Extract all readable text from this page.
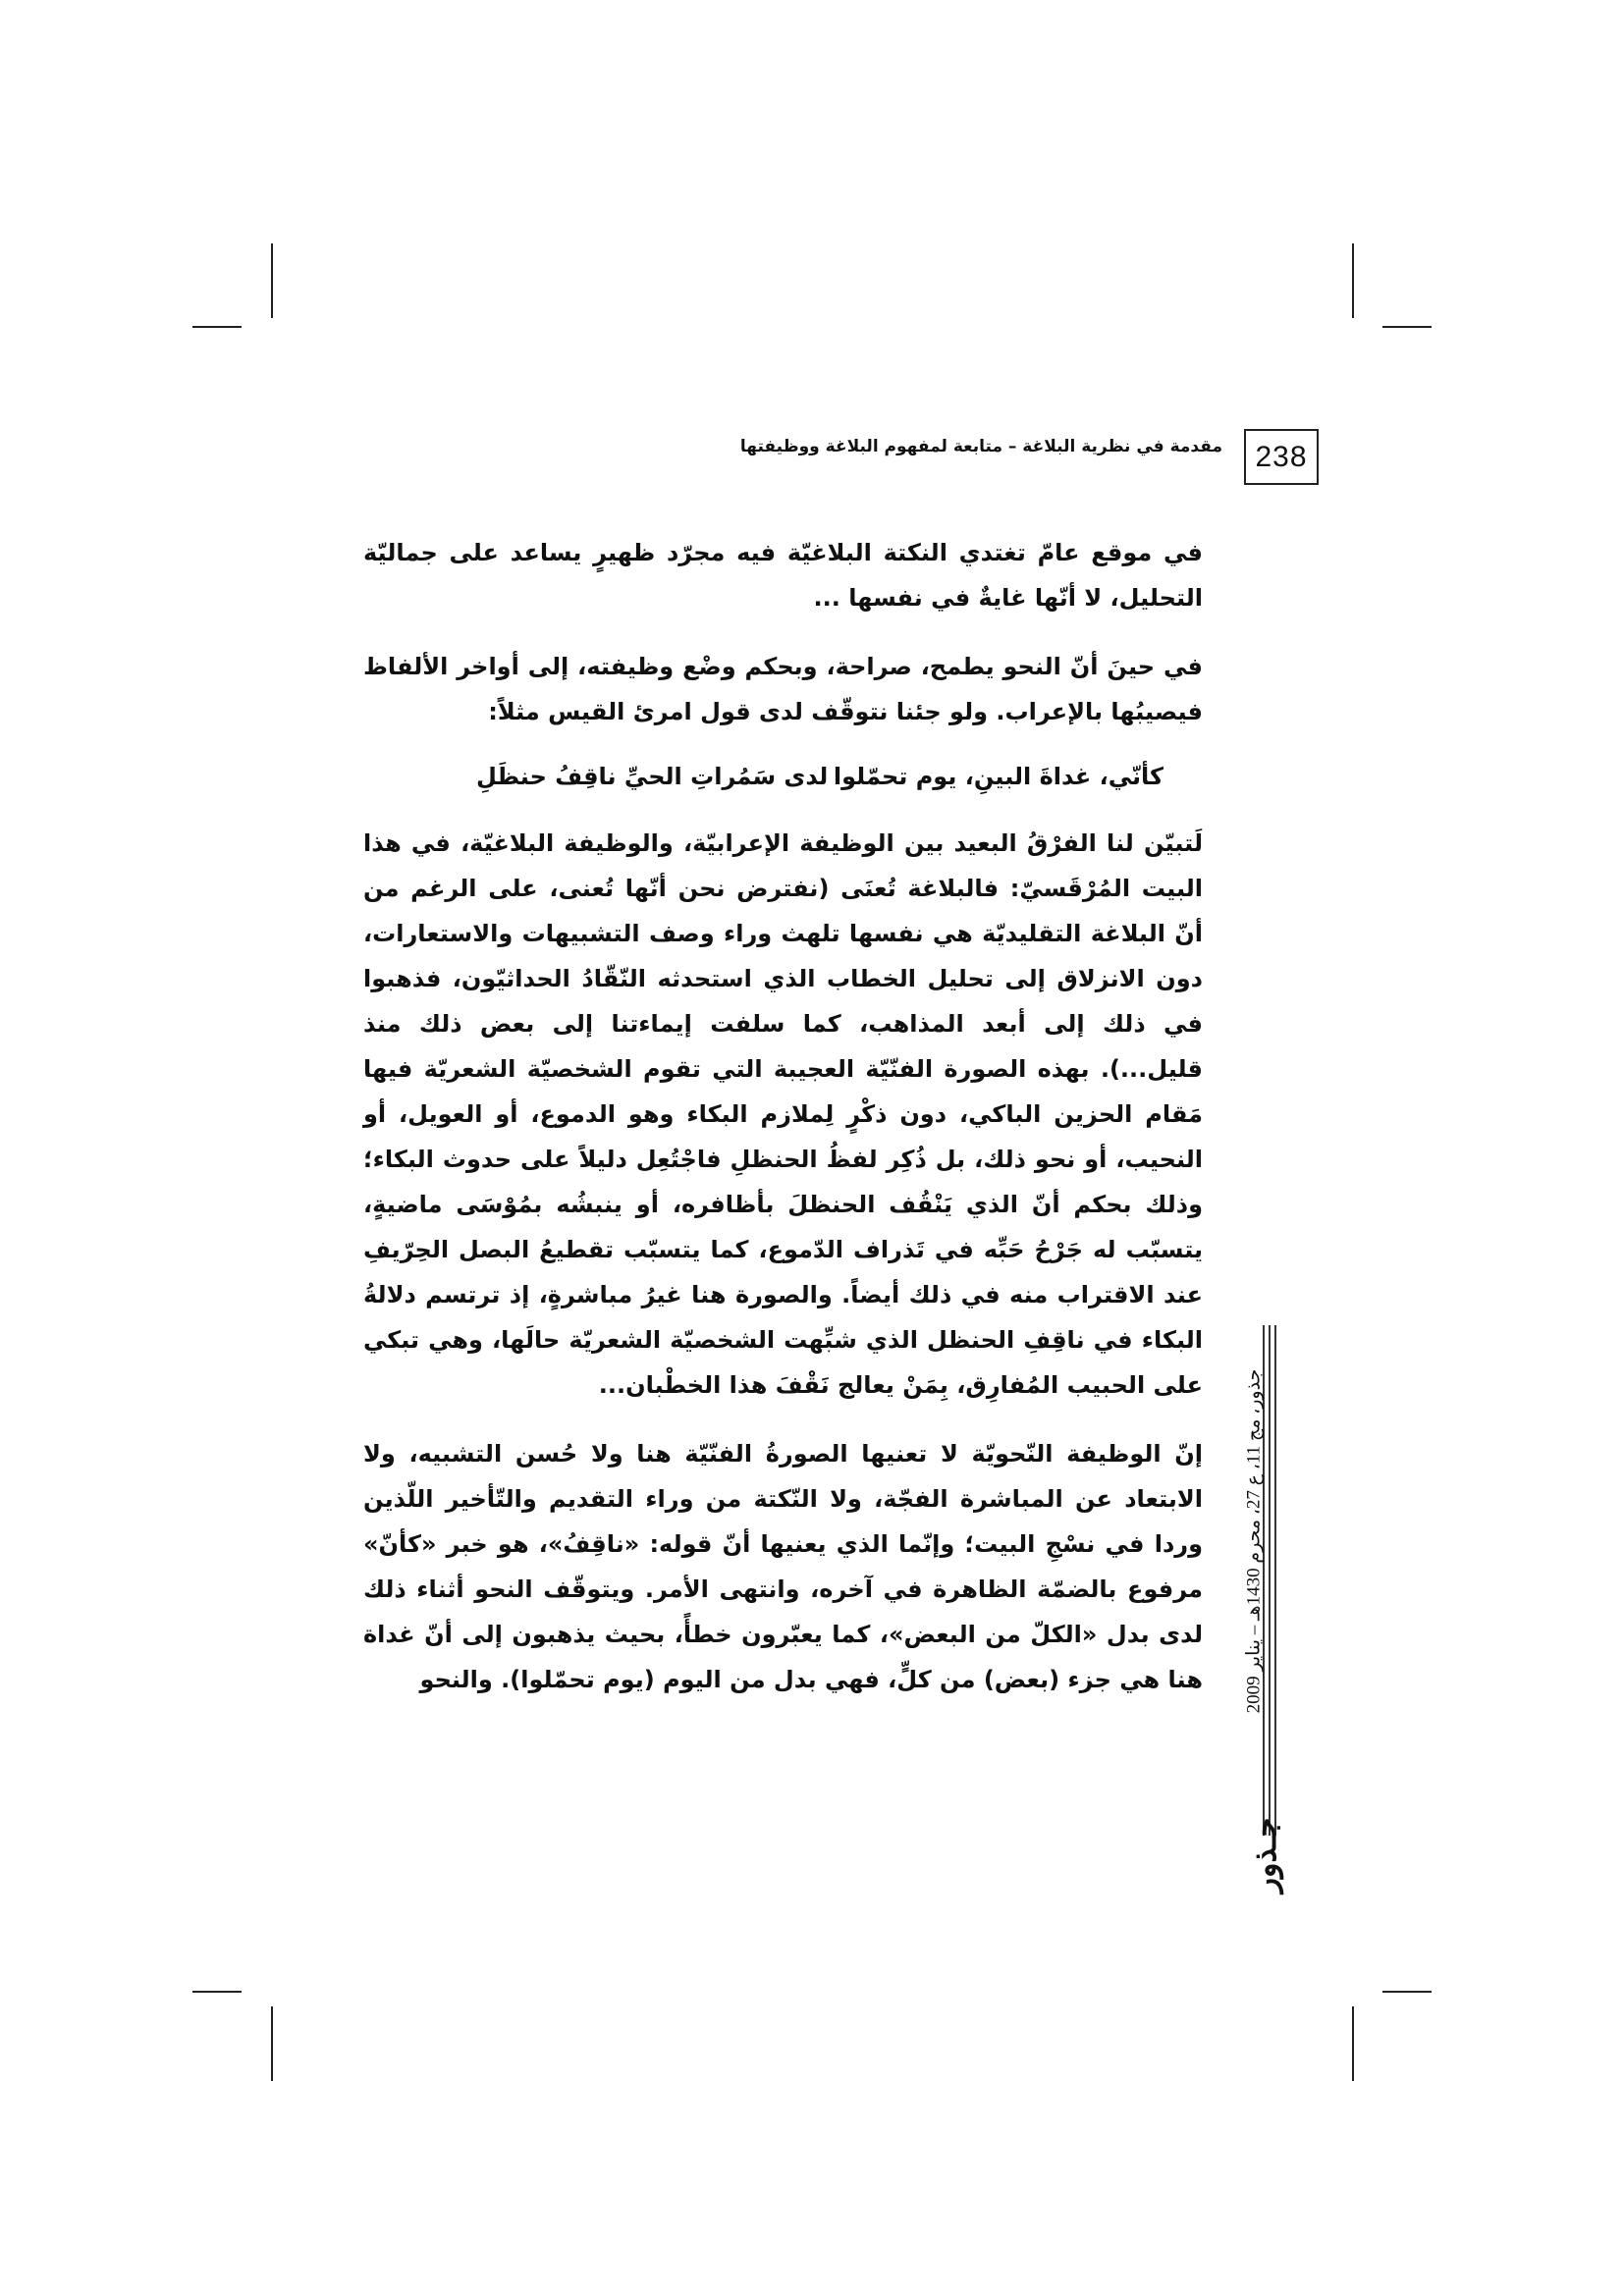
238
مقدمة في نظرية البلاغة – متابعة لمفهوم البلاغة ووظيفتها

في موقع عامّ تغتدي النكتة البلاغيّة فيه مجرّد ظهيرٍ يساعد على جماليّة التحليل، لا أنّها غايةٌ في نفسها ...

في حينَ أنّ النحو يطمح، صراحة، وبحكم وضْع وظيفته، إلى أواخر الألفاظ فيصيبُها بالإعراب. ولو جئنا نتوقّف لدى قول امرئ القيس مثلاً:

كأنّي، غداةَ البينِ، يوم تحمّلوا
لدى سَمُراتِ الحيِّ ناقِفُ حنظَلِ

لَتبيّن لنا الفرْقُ البعيد بين الوظيفة الإعرابيّة، والوظيفة البلاغيّة، في هذا البيت المُرْقَسيّ: فالبلاغة تُعنَى (نفترض نحن أنّها تُعنى، على الرغم من أنّ البلاغة التقليديّة هي نفسها تلهث وراء وصف التشبيهات والاستعارات، دون الانزلاق إلى تحليل الخطاب الذي استحدثه النّقّادُ الحداثيّون، فذهبوا في ذلك إلى أبعد المذاهب، كما سلفت إيماءتنا إلى بعض ذلك منذ قليل...). بهذه الصورة الفنّيّة العجيبة التي تقوم الشخصيّة الشعريّة فيها مَقام الحزين الباكي، دون ذكْرٍ لِملازم البكاء وهو الدموع، أو العويل، أو النحيب، أو نحو ذلك، بل ذُكِر لفظُ الحنظلِ فاجْتُعِل دليلاً على حدوث البكاء؛ وذلك بحكم أنّ الذي يَنْقُف الحنظلَ بأظافره، أو ينبشُه بمُوْسَى ماضيةٍ، يتسبّب له جَرْحُ حَبِّه في تَذراف الدّموع، كما يتسبّب تقطيعُ البصل الحِرّيفِ عند الاقتراب منه في ذلك أيضاً. والصورة هنا غيرُ مباشرةٍ، إذ ترتسم دلالةُ البكاء في ناقِفِ الحنظل الذي شبِّهت الشخصيّة الشعريّة حالَها، وهي تبكي على الحبيب المُفارِق، بِمَنْ يعالج نَقْفَ هذا الخطْبان...

إنّ الوظيفة النّحويّة لا تعنيها الصورةُ الفنّيّة هنا ولا حُسن التشبيه، ولا الابتعاد عن المباشرة الفجّة، ولا النّكتة من وراء التقديم والتّأخير اللّذين وردا في نسْجِ البيت؛ وإنّما الذي يعنيها أنّ قوله: «ناقِفُ»، هو خبر «كأنّ» مرفوع بالضمّة الظاهرة في آخره، وانتهى الأمر. ويتوقّف النحو أثناء ذلك لدى بدل «الكلّ من البعض»، كما يعبّرون خطأً، بحيث يذهبون إلى أنّ غداة هنا هي جزء (بعض) من كلٍّ، فهي بدل من اليوم (يوم تحمّلوا). والنحو جذور، مج 11، ع 27، محرم 1430هـ – يناير 2009
جـذور
